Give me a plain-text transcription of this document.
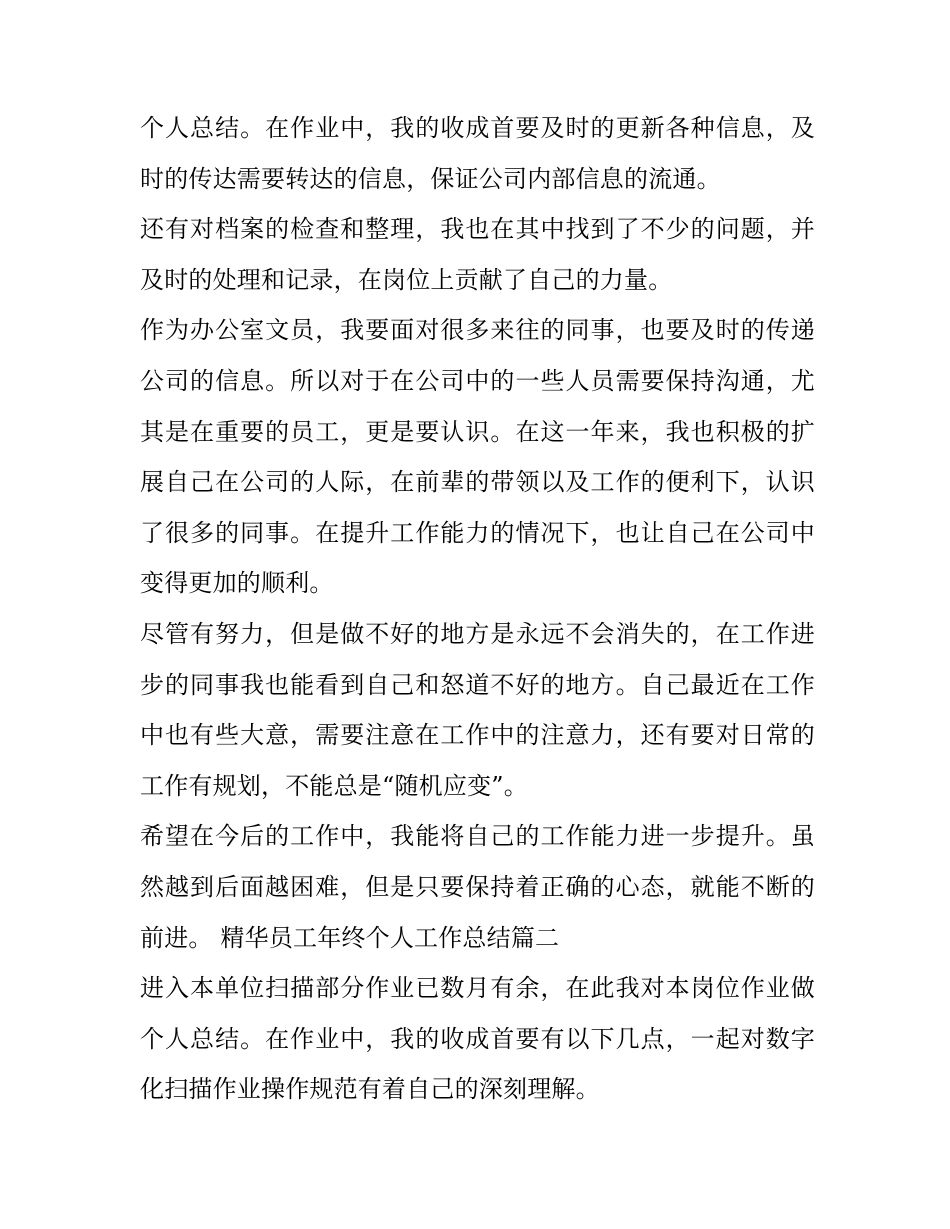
个人总结。在作业中，我的收成首要及时的更新各种信息，及时的传达需要转达的信息，保证公司内部信息的流通。

还有对档案的检查和整理，我也在其中找到了不少的问题，并及时的处理和记录，在岗位上贡献了自己的力量。

作为办公室文员，我要面对很多来往的同事，也要及时的传递公司的信息。所以对于在公司中的一些人员需要保持沟通，尤其是在重要的员工，更是要认识。在这一年来，我也积极的扩展自己在公司的人际，在前辈的带领以及工作的便利下，认识了很多的同事。在提升工作能力的情况下，也让自己在公司中变得更加的顺利。

尽管有努力，但是做不好的地方是永远不会消失的，在工作进步的同事我也能看到自己和怒道不好的地方。自己最近在工作中也有些大意，需要注意在工作中的注意力，还有要对日常的工作有规划，不能总是“随机应变”。

希望在今后的工作中，我能将自己的工作能力进一步提升。虽然越到后面越困难，但是只要保持着正确的心态，就能不断的前进。 精华员工年终个人工作总结篇二

进入本单位扫描部分作业已数月有余，在此我对本岗位作业做个人总结。在作业中，我的收成首要有以下几点，一起对数字化扫描作业操作规范有着自己的深刻理解。
